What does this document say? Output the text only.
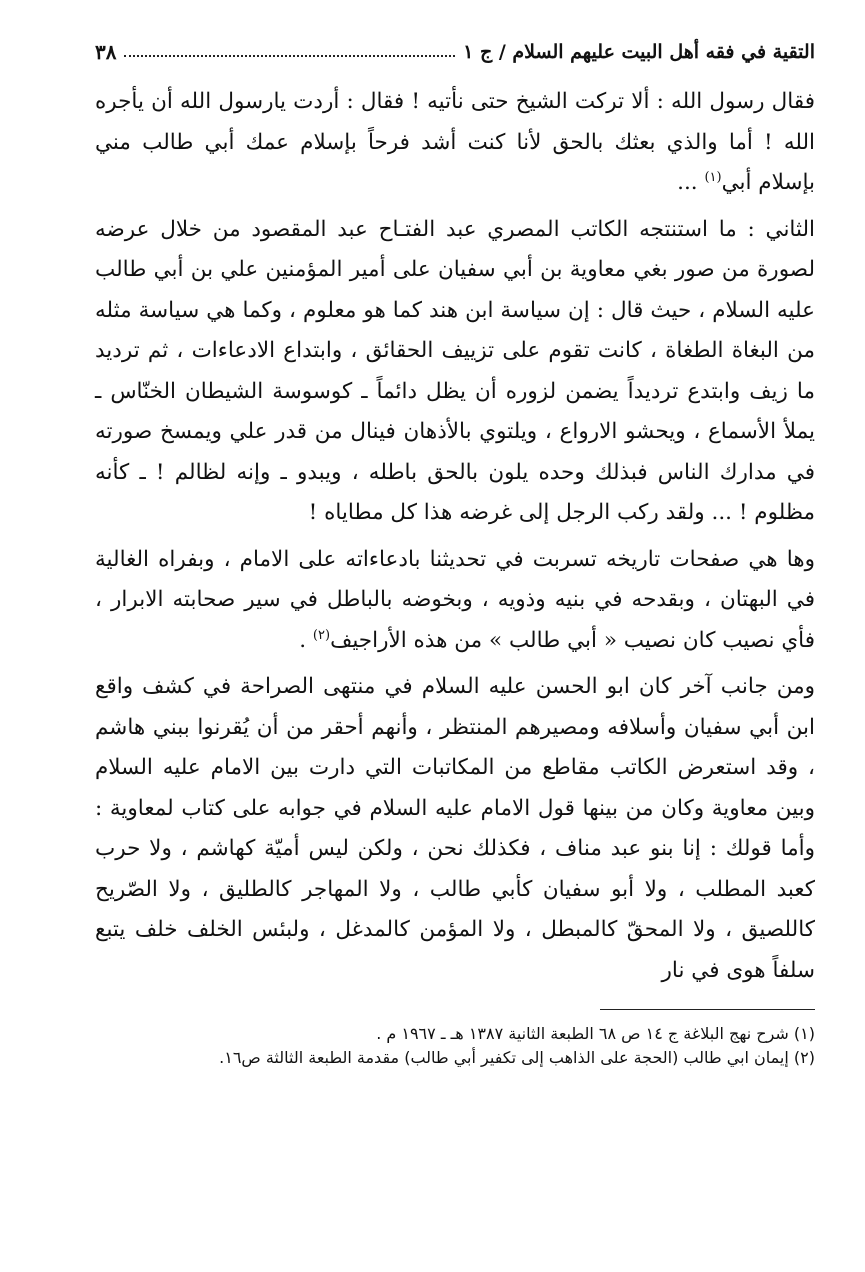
التقية في فقه أهل البيت عليهم السلام / ج ١
٣٨

فقال رسول الله : ألا تركت الشيخ حتى نأتيه ! فقال : أردت يارسول الله أن يأجره الله ! أما والذي بعثك بالحق لأنا كنت أشد فرحاً بإسلام عمك أبي طالب مني بإسلام أبي$^{(١)}$ ...

الثاني : ما استنتجه الكاتب المصري عبد الفتـاح عبد المقصود من خلال عرضه لصورة من صور بغي معاوية بن أبي سفيان على أمير المؤمنين علي بن أبي طالب عليه السلام ، حيث قال : إن سياسة ابن هند كما هو معلوم ، وكما هي سياسة مثله من البغاة الطغاة ، كانت تقوم على تزييف الحقائق ، وابتداع الادعاءات ، ثم ترديد ما زيف وابتدع ترديداً يضمن لزوره أن يظل دائماً ـ كوسوسة الشيطان الخنّاس ـ يملأ الأسماع ، ويحشو الارواع ، ويلتوي بالأذهان فينال من قدر علي ويمسخ صورته في مدارك الناس فبذلك وحده يلون بالحق باطله ، ويبدو ـ وإنه لظالم ! ـ كأنه مظلوم ! ... ولقد ركب الرجل إلى غرضه هذا كل مطاياه !

وها هي صفحات تاريخه تسربت في تحديثنا بادعاءاته على الامام ، وبفراه الغالية في البهتان ، وبقدحه في بنيه وذويه ، وبخوضه بالباطل في سير صحابته الابرار ، فأي نصيب كان نصيب « أبي طالب » من هذه الأراجيف$^{(٢)}$ .

ومن جانب آخر كان ابو الحسن عليه السلام في منتهى الصراحة في كشف واقع ابن أبي سفيان وأسلافه ومصيرهم المنتظر ، وأنهم أحقر من أن يُقرنوا ببني هاشم ، وقد استعرض الكاتب مقاطع من المكاتبات التي دارت بين الامام عليه السلام وبين معاوية وكان من بينها قول الامام عليه السلام في جوابه على كتاب لمعاوية : وأما قولك : إنا بنو عبد مناف ، فكذلك نحن ، ولكن ليس أميّة كهاشم ، ولا حرب كعبد المطلب ، ولا أبو سفيان كأبي طالب ، ولا المهاجر كالطليق ، ولا الصّريح كاللصيق ، ولا المحقّ كالمبطل ، ولا المؤمن كالمدغل ، ولبئس الخلف خلف يتبع سلفاً هوى في نار

(١) شرح نهج البلاغة ج ١٤ ص ٦٨ الطبعة الثانية ١٣٨٧ هـ ـ ١٩٦٧ م .
(٢) إيمان ابي طالب (الحجة على الذاهب إلى تكفير أبي طالب) مقدمة الطبعة الثالثة ص١٦.
